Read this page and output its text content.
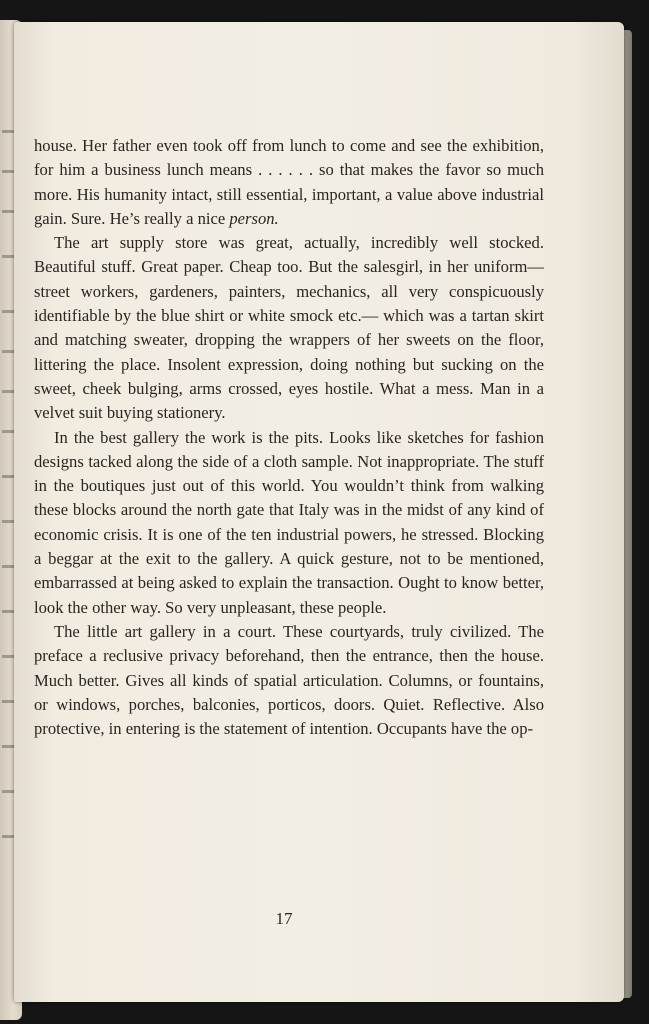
house. Her father even took off from lunch to come and see the exhibition, for him a business lunch means . . . . . . so that makes the favor so much more. His humanity intact, still essential, important, a value above industrial gain. Sure. He’s really a nice person.

The art supply store was great, actually, incredibly well stocked. Beautiful stuff. Great paper. Cheap too. But the salesgirl, in her uniform—street workers, gardeners, painters, mechanics, all very conspicuously identifiable by the blue shirt or white smock etc.— which was a tartan skirt and matching sweater, dropping the wrappers of her sweets on the floor, littering the place. Insolent expression, doing nothing but sucking on the sweet, cheek bulging, arms crossed, eyes hostile. What a mess. Man in a velvet suit buying stationery.

In the best gallery the work is the pits. Looks like sketches for fashion designs tacked along the side of a cloth sample. Not inappropriate. The stuff in the boutiques just out of this world. You wouldn’t think from walking these blocks around the north gate that Italy was in the midst of any kind of economic crisis. It is one of the ten industrial powers, he stressed. Blocking a beggar at the exit to the gallery. A quick gesture, not to be mentioned, embarrassed at being asked to explain the transaction. Ought to know better, look the other way. So very unpleasant, these people.

The little art gallery in a court. These courtyards, truly civilized. The preface a reclusive privacy beforehand, then the entrance, then the house. Much better. Gives all kinds of spatial articulation. Columns, or fountains, or windows, porches, balconies, porticos, doors. Quiet. Reflective. Also protective, in entering is the statement of intention. Occupants have the op-

17
